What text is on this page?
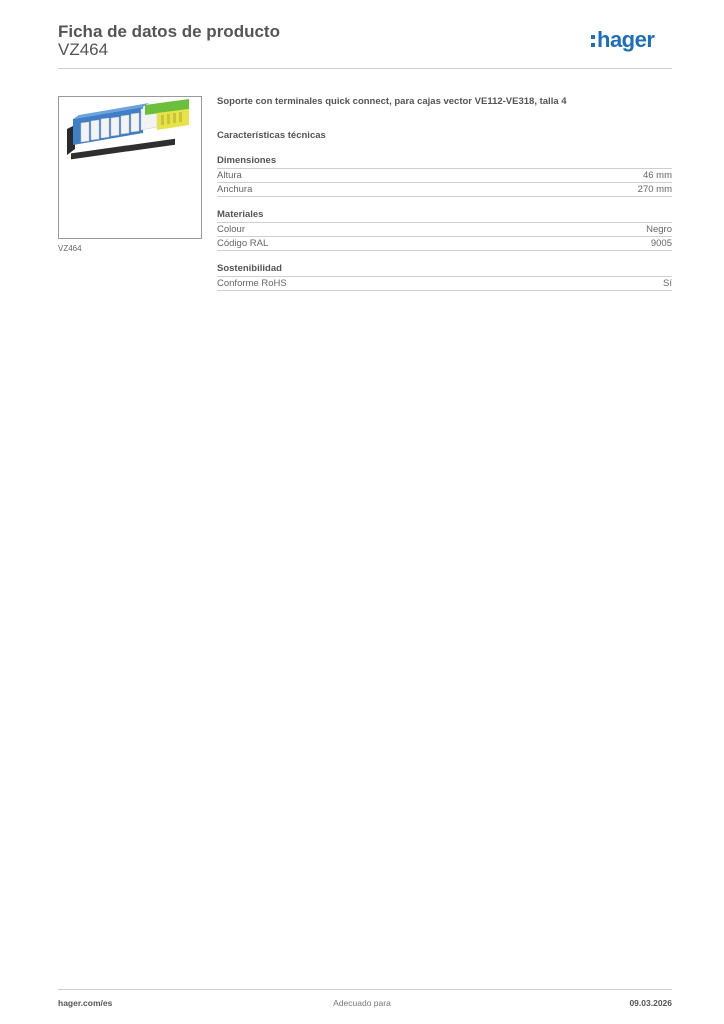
Ficha de datos de producto
VZ464	hager
VZ464
Soporte con terminales quick connect, para cajas vector VE112-VE318, talla 4
Características técnicas
Dimensiones
Altura	46 mm
Anchura	270 mm
Materiales
Colour	Negro
Código RAL	9005
Sostenibilidad
Conforme RoHS	Sí
hager.com/es	Adecuado para	09.03.2026
